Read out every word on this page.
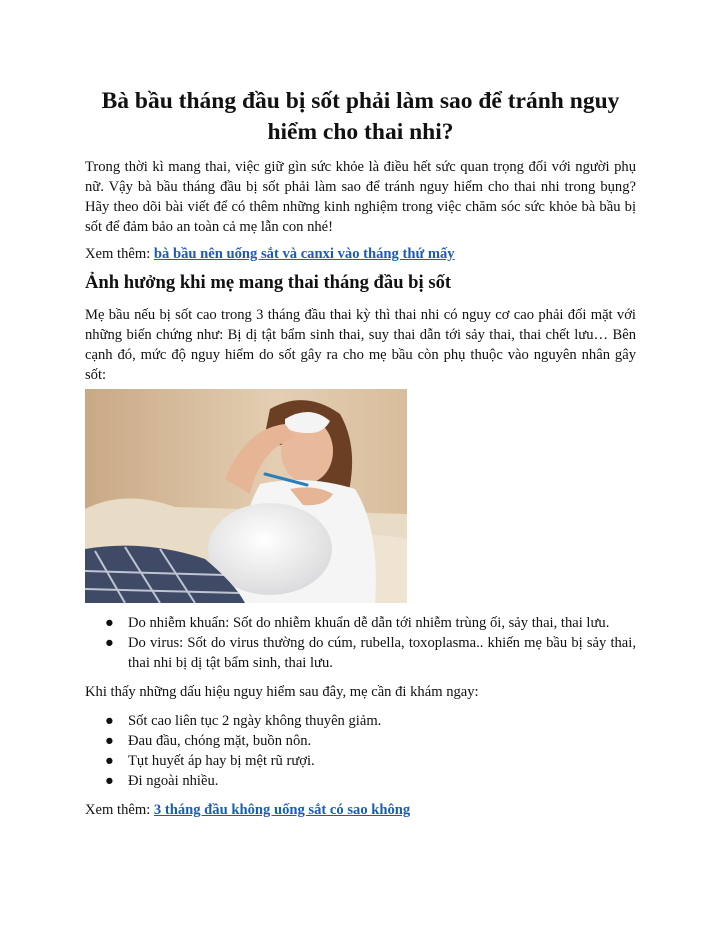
Bà bầu tháng đầu bị sốt phải làm sao để tránh nguy hiểm cho thai nhi?

Trong thời kì mang thai, việc giữ gìn sức khỏe là điều hết sức quan trọng đối với người phụ nữ. Vậy bà bầu tháng đầu bị sốt phải làm sao để tránh nguy hiểm cho thai nhi trong bụng? Hãy theo dõi bài viết để có thêm những kinh nghiệm trong việc chăm sóc sức khỏe bà bầu bị sốt để đảm bảo an toàn cả mẹ lẫn con nhé!

Xem thêm: bà bầu nên uống sắt và canxi vào tháng thứ mấy

Ảnh hưởng khi mẹ mang thai tháng đầu bị sốt

Mẹ bầu nếu bị sốt cao trong 3 tháng đầu thai kỳ thì thai nhi có nguy cơ cao phải đối mặt với những biến chứng như: Bị dị tật bẩm sinh thai, suy thai dẫn tới sảy thai, thai chết lưu… Bên cạnh đó, mức độ nguy hiểm do sốt gây ra cho mẹ bầu còn phụ thuộc vào nguyên nhân gây sốt:

● Do nhiễm khuẩn: Sốt do nhiễm khuẩn dễ dẫn tới nhiễm trùng ối, sảy thai, thai lưu.
● Do virus: Sốt do virus thường do cúm, rubella, toxoplasma.. khiến mẹ bầu bị sảy thai, thai nhi bị dị tật bẩm sinh, thai lưu.

Khi thấy những dấu hiệu nguy hiểm sau đây, mẹ cần đi khám ngay:

● Sốt cao liên tục 2 ngày không thuyên giảm.
● Đau đầu, chóng mặt, buồn nôn.
● Tụt huyết áp hay bị mệt rũ rượi.
● Đi ngoài nhiều.

Xem thêm: 3 tháng đầu không uống sắt có sao không
